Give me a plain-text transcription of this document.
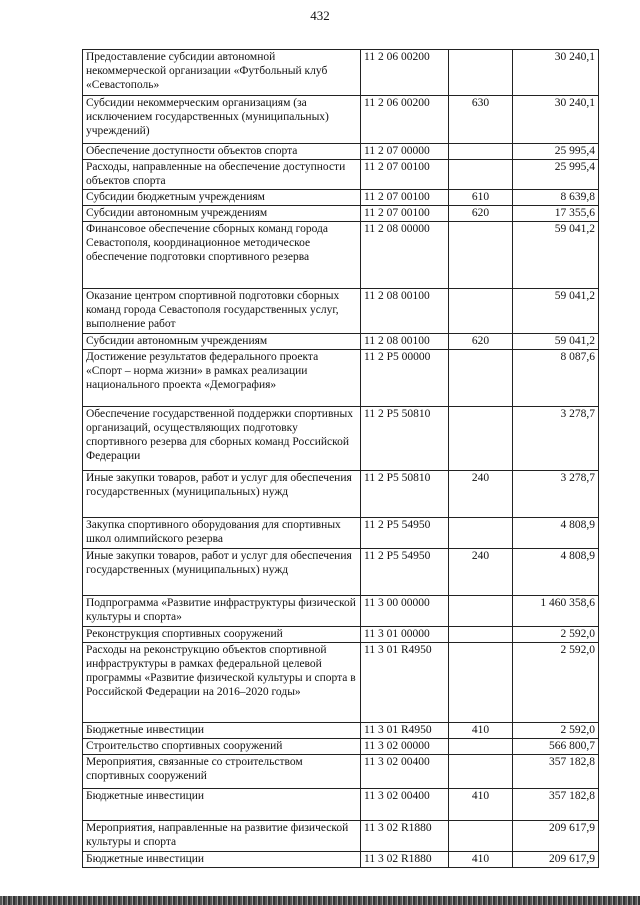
432
Предоставление субсидии автономной некоммерческой организации «Футбольный клуб «Севастополь»	11 2 06 00200		30 240,1
Субсидии некоммерческим организациям (за исключением государственных (муниципальных) учреждений)	11 2 06 00200	630	30 240,1
Обеспечение доступности объектов спорта	11 2 07 00000		25 995,4
Расходы, направленные на обеспечение доступности объектов спорта	11 2 07 00100		25 995,4
Субсидии бюджетным учреждениям	11 2 07 00100	610	8 639,8
Субсидии автономным учреждениям	11 2 07 00100	620	17 355,6
Финансовое обеспечение сборных команд города Севастополя, координационное методическое обеспечение подготовки спортивного резерва	11 2 08 00000		59 041,2
Оказание центром спортивной подготовки сборных команд города Севастополя государственных услуг, выполнение работ	11 2 08 00100		59 041,2
Субсидии автономным учреждениям	11 2 08 00100	620	59 041,2
Достижение результатов федерального проекта «Спорт – норма жизни» в рамках реализации национального проекта «Демография»	11 2 P5 00000		8 087,6
Обеспечение государственной поддержки спортивных организаций, осуществляющих подготовку спортивного резерва для сборных команд Российской Федерации	11 2 P5 50810		3 278,7
Иные закупки товаров, работ и услуг для обеспечения государственных (муниципальных) нужд	11 2 P5 50810	240	3 278,7
Закупка спортивного оборудования для спортивных школ олимпийского резерва	11 2 P5 54950		4 808,9
Иные закупки товаров, работ и услуг для обеспечения государственных (муниципальных) нужд	11 2 P5 54950	240	4 808,9
Подпрограмма «Развитие инфраструктуры физической культуры и спорта»	11 3 00 00000		1 460 358,6
Реконструкция спортивных сооружений	11 3 01 00000		2 592,0
Расходы на реконструкцию объектов спортивной инфраструктуры в рамках федеральной целевой программы «Развитие физической культуры и спорта в Российской Федерации на 2016–2020 годы»	11 3 01 R4950		2 592,0
Бюджетные инвестиции	11 3 01 R4950	410	2 592,0
Строительство спортивных сооружений	11 3 02 00000		566 800,7
Мероприятия, связанные со строительством спортивных сооружений	11 3 02 00400		357 182,8
Бюджетные инвестиции	11 3 02 00400	410	357 182,8
Мероприятия, направленные на развитие физической культуры и спорта	11 3 02 R1880		209 617,9
Бюджетные инвестиции	11 3 02 R1880	410	209 617,9
